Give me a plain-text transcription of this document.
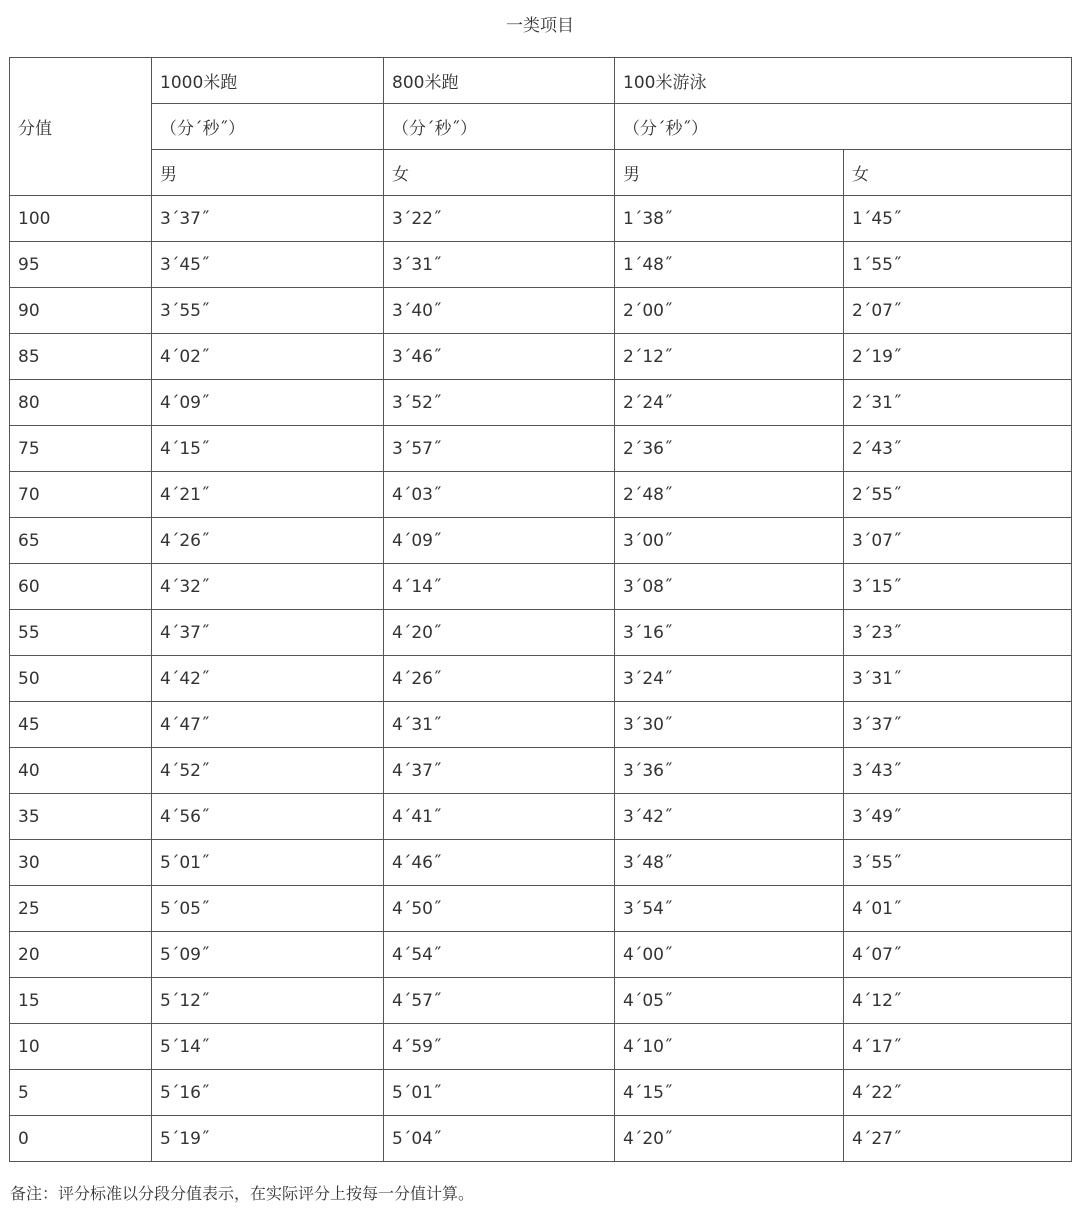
一类项目
分值	1000米跑	800米跑	100米游泳	
	（分´秒˝）	（分´秒˝）	（分´秒˝）	
	男	女	男	女
100	3´37˝	3´22˝	1´38˝	1´45˝
95	3´45˝	3´31˝	1´48˝	1´55˝
90	3´55˝	3´40˝	2´00˝	2´07˝
85	4´02˝	3´46˝	2´12˝	2´19˝
80	4´09˝	3´52˝	2´24˝	2´31˝
75	4´15˝	3´57˝	2´36˝	2´43˝
70	4´21˝	4´03˝	2´48˝	2´55˝
65	4´26˝	4´09˝	3´00˝	3´07˝
60	4´32˝	4´14˝	3´08˝	3´15˝
55	4´37˝	4´20˝	3´16˝	3´23˝
50	4´42˝	4´26˝	3´24˝	3´31˝
45	4´47˝	4´31˝	3´30˝	3´37˝
40	4´52˝	4´37˝	3´36˝	3´43˝
35	4´56˝	4´41˝	3´42˝	3´49˝
30	5´01˝	4´46˝	3´48˝	3´55˝
25	5´05˝	4´50˝	3´54˝	4´01˝
20	5´09˝	4´54˝	4´00˝	4´07˝
15	5´12˝	4´57˝	4´05˝	4´12˝
10	5´14˝	4´59˝	4´10˝	4´17˝
5	5´16˝	5´01˝	4´15˝	4´22˝
0	5´19˝	5´04˝	4´20˝	4´27˝
备注：评分标准以分段分值表示，在实际评分上按每一分值计算。
